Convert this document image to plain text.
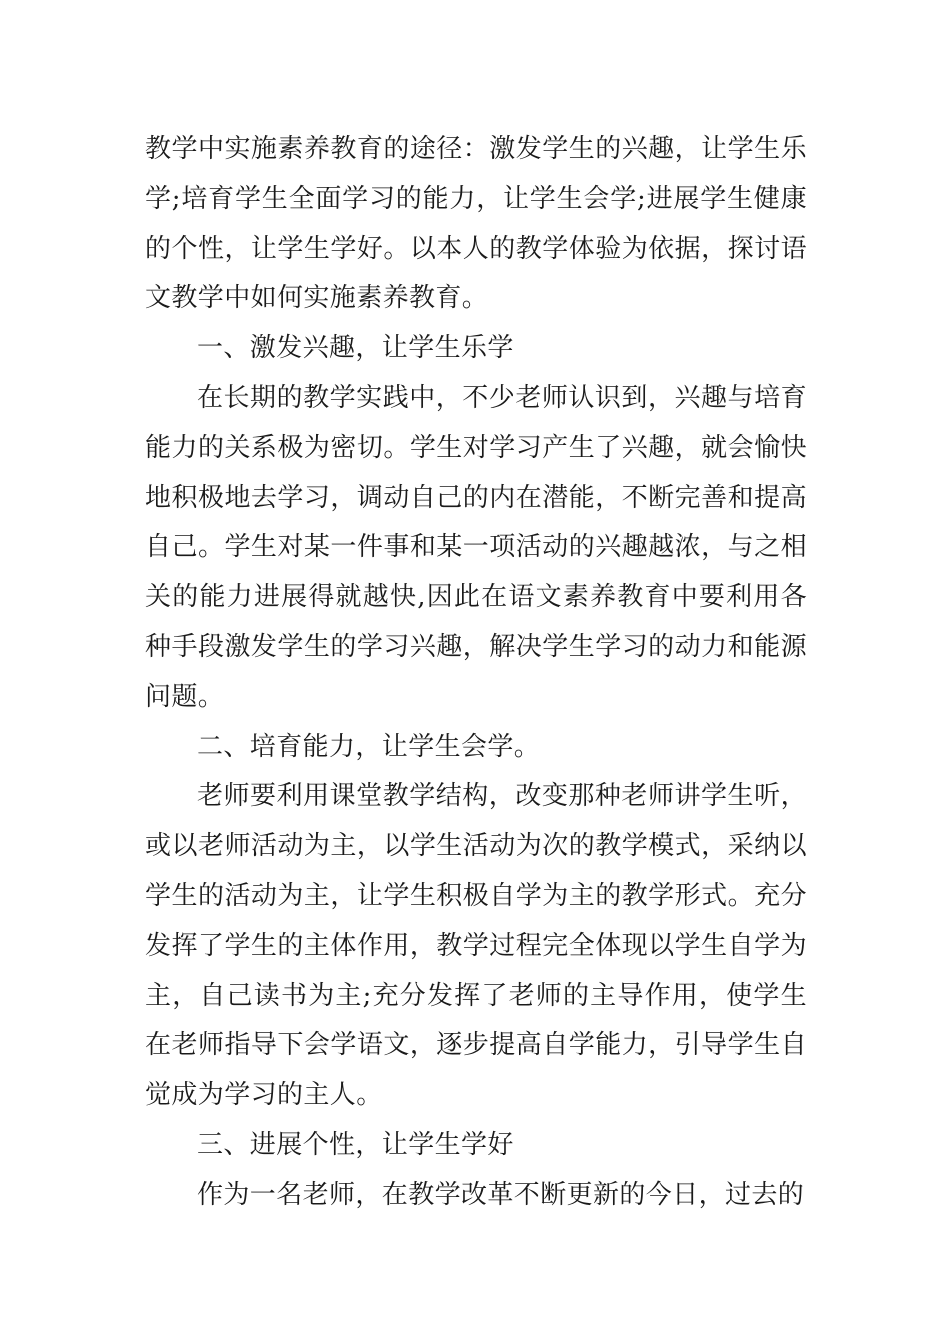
教学中实施素养教育的途径：激发学生的兴趣，让学生乐学;培育学生全面学习的能力，让学生会学;进展学生健康的个性，让学生学好。以本人的教学体验为依据，探讨语文教学中如何实施素养教育。

一、激发兴趣，让学生乐学

在长期的教学实践中，不少老师认识到，兴趣与培育能力的关系极为密切。学生对学习产生了兴趣，就会愉快地积极地去学习，调动自己的内在潜能，不断完善和提高自己。学生对某一件事和某一项活动的兴趣越浓，与之相关的能力进展得就越快,因此在语文素养教育中要利用各种手段激发学生的学习兴趣，解决学生学习的动力和能源问题。

二、培育能力，让学生会学。

老师要利用课堂教学结构，改变那种老师讲学生听，或以老师活动为主，以学生活动为次的教学模式，采纳以学生的活动为主，让学生积极自学为主的教学形式。充分发挥了学生的主体作用，教学过程完全体现以学生自学为主，自己读书为主;充分发挥了老师的主导作用，使学生在老师指导下会学语文，逐步提高自学能力，引导学生自觉成为学习的主人。

三、进展个性，让学生学好

作为一名老师，在教学改革不断更新的今日，过去的
